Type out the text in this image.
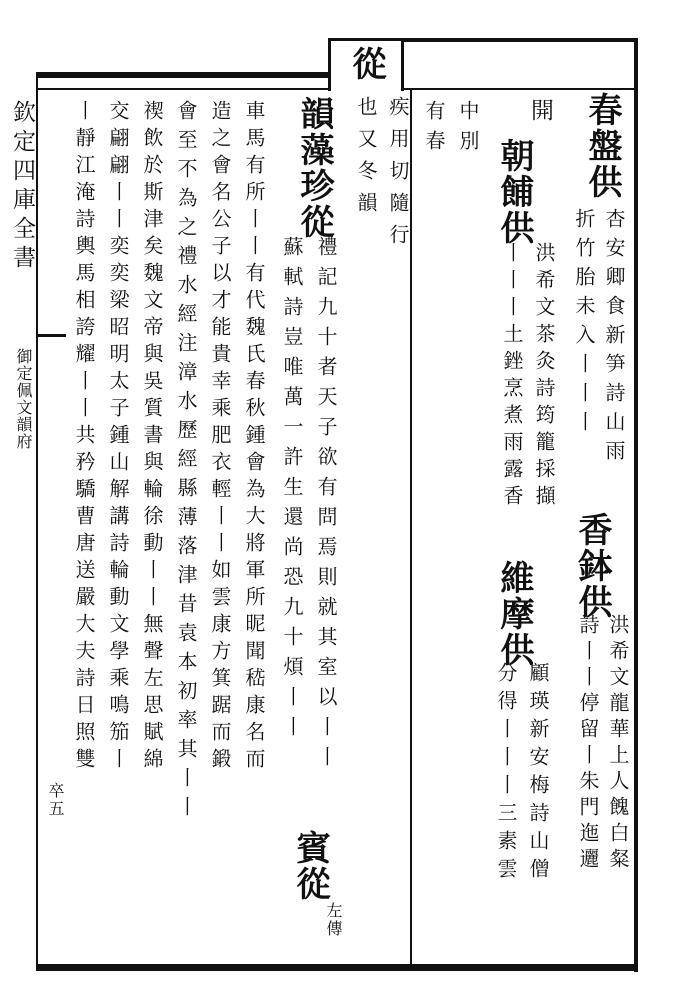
從
欽定四庫全書
御定佩文韻府
卒五
春盤供
杏安卿食新笋詩山雨
折竹胎未入丨丨丨
香鉢供
洪希文龍華上人餽白粲
詩丨丨停留丨朱門迤邐
開
朝餔供
洪希文茶灸詩筠籠採擷
丨丨丨土銼烹煮雨露香
維摩供
顧瑛新安梅詩山僧
分得丨丨丨三素雲
中別
有春
疾用切隨行
也又冬韻
韻藻珍從
禮記九十者天子欲有問焉則就其室以丨丨
賓從
左傳
蘇軾詩豈唯萬一許生還尚恐九十煩丨丨
車馬有所丨丨有代魏氏春秋鍾會為大將軍所昵聞嵇康名而
造之會名公子以才能貴幸乘肥衣輕丨丨如雲康方箕踞而鍛
會至不為之禮水經注漳水歷經縣薄落津昔袁本初率其丨丨
禊飲於斯津矣魏文帝與吳質書與輪徐動丨丨無聲左思賦綿
交翩翩丨丨奕奕梁昭明太子鍾山解講詩輪動文學乘鳴笳丨
丨靜江淹詩輿馬相誇耀丨丨共矜驕曹唐送嚴大夫詩日照雙
